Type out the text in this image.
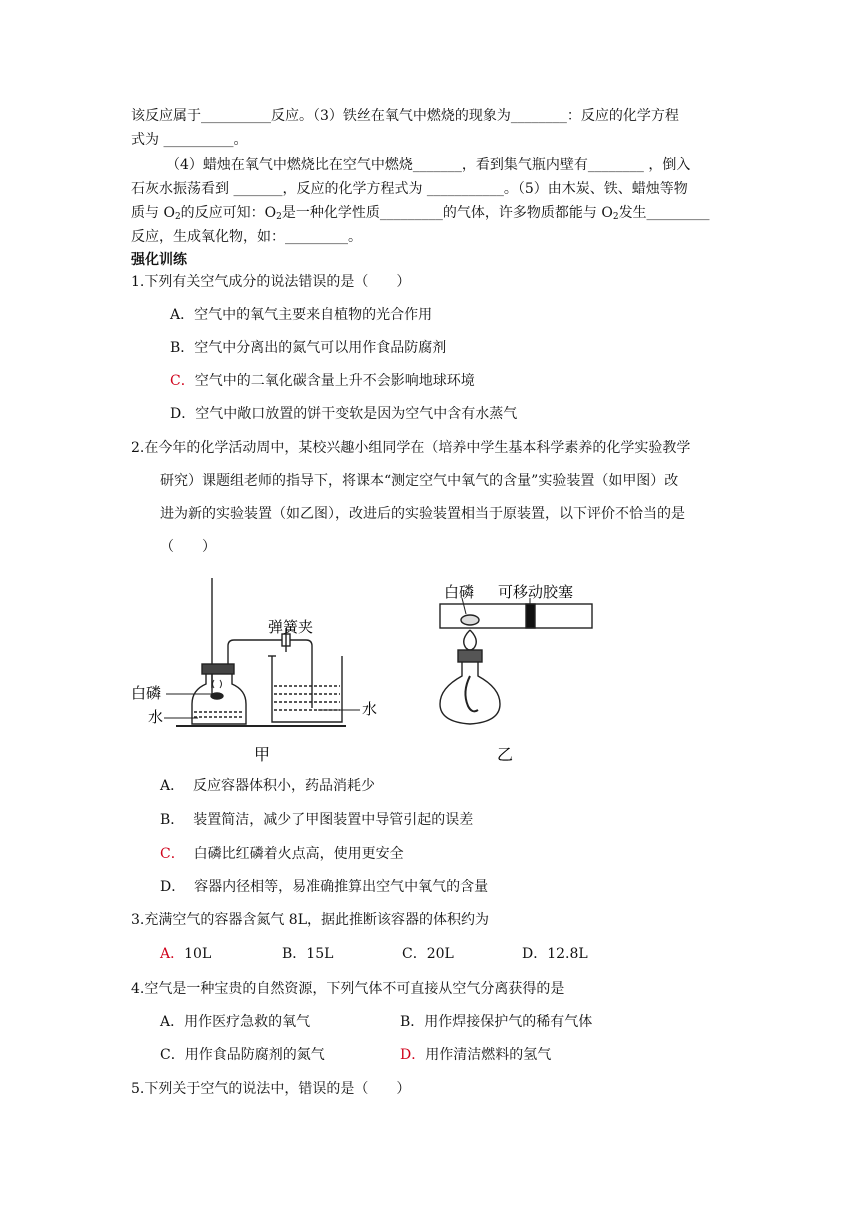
该反应属于__________反应。（3）铁丝在氧气中燃烧的现象为________：反应的化学方程
式为 __________。
（4）蜡烛在氧气中燃烧比在空气中燃烧_______，看到集气瓶内壁有________ ，倒入
石灰水振荡看到 _______，反应的化学方程式为 ___________。（5）由木炭、铁、蜡烛等物
质与 $O_2$的反应可知：$O_2$是一种化学性质_________的气体，许多物质都能与 $O_2$发生_________
反应，生成氧化物，如：_________。
强化训练
1.下列有关空气成分的说法错误的是（　　）
A．空气中的氧气主要来自植物的光合作用
B．空气中分离出的氮气可以用作食品防腐剂
C．空气中的二氧化碳含量上升不会影响地球环境
D．空气中敞口放置的饼干变软是因为空气中含有水蒸气
2.在今年的化学活动周中，某校兴趣小组同学在（培养中学生基本科学素养的化学实验教学
研究）课题组老师的指导下，将课本“测定空气中氧气的含量”实验装置（如甲图）改
进为新的实验装置（如乙图），改进后的实验装置相当于原装置，以下评价不恰当的是
（　　）
弹簧夹
白磷
水	水
甲
白磷 可移动胶塞
乙
A． 反应容器体积小，药品消耗少
B． 装置简洁，减少了甲图装置中导管引起的误差
C． 白磷比红磷着火点高，使用更安全
D． 容器内径相等，易准确推算出空气中氧气的含量
3.充满空气的容器含氮气 8L，据此推断该容器的体积约为
A．10L	B．15L	C．20L	D．12.8L
4.空气是一种宝贵的自然资源，下列气体不可直接从空气分离获得的是
A．用作医疗急救的氧气	B．用作焊接保护气的稀有气体
C．用作食品防腐剂的氮气	D．用作清洁燃料的氢气
5.下列关于空气的说法中，错误的是（　　）
